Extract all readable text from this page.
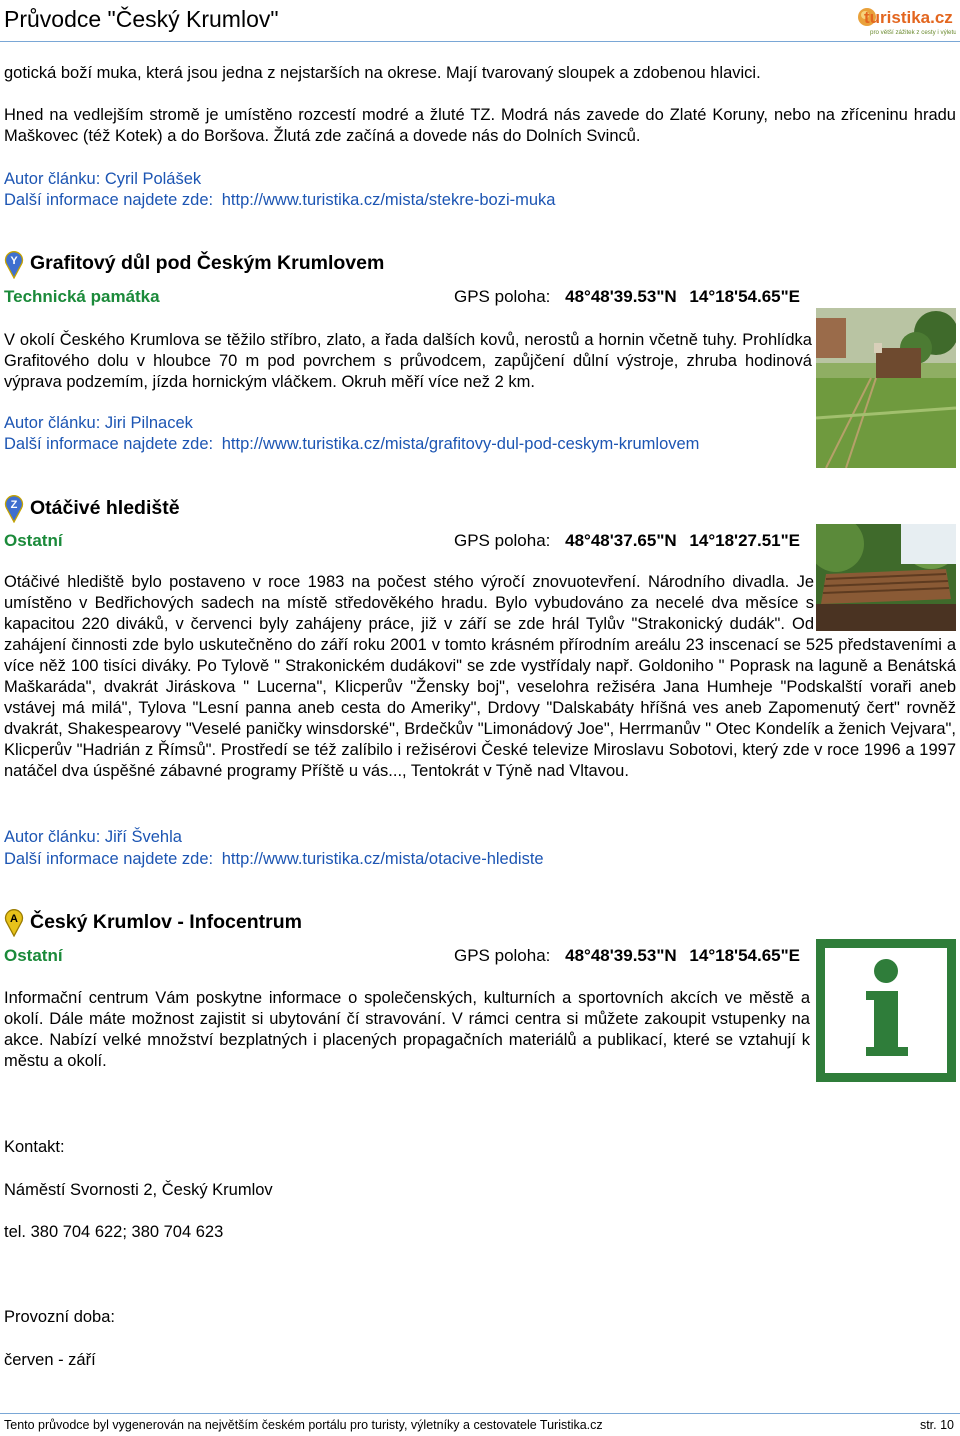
Průvodce "Český Krumlov"	turistika.cz
pro větší zážitek z cesty i výletu
gotická boží muka, která jsou jedna z nejstarších na okrese. Mají tvarovaný sloupek a zdobenou hlavici.
Hned na vedlejším stromě je umístěno rozcestí modré a žluté TZ. Modrá nás zavede do Zlaté Koruny, nebo na zříceninu hradu Maškovec (též Kotek) a do Boršova. Žlutá zde začíná a dovede nás do Dolních Svinců.
Autor článku: Cyril Polášek
Další informace najdete zde: http://www.turistika.cz/mista/stekre-bozi-muka
Y Grafitový důl pod Českým Krumlovem
Technická památka	GPS poloha: 48°48'39.53"N 14°18'54.65"E
V okolí Českého Krumlova se těžilo stříbro, zlato, a řada dalších kovů, nerostů a hornin včetně tuhy. Prohlídka Grafitového dolu v hloubce 70 m pod povrchem s průvodcem, zapůjčení důlní výstroje, zhruba hodinová výprava podzemím, jízda hornickým vláčkem. Okruh měří více než 2 km.
Autor článku: Jiri Pilnacek
Další informace najdete zde: http://www.turistika.cz/mista/grafitovy-dul-pod-ceskym-krumlovem
Z Otáčivé hlediště
Ostatní	GPS poloha: 48°48'37.65"N 14°18'27.51"E
Otáčivé hlediště bylo postaveno v roce 1983 na počest stého výročí znovuotevření. Národního divadla. Je umístěno v Bedřichových sadech na místě středověkého hradu. Bylo vybudováno za necelé dva měsíce s kapacitou 220 diváků, v červenci byly zahájeny práce, již v září se zde hrál Tylův "Strakonický dudák". Od zahájení činnosti zde bylo uskutečněno do září roku 2001 v tomto krásném přírodním areálu 23 inscenací se 525 představeními a více něž 100 tisíci diváky. Po Tylově " Strakonickém dudákovi" se zde vystřídaly např. Goldoniho " Poprask na laguně a Benátská Maškaráda", dvakrát Jiráskova " Lucerna", Klicperův "Žensky boj", veselohra režiséra Jana Humheje "Podskalští voraři aneb vstávej má milá", Tylova "Lesní panna aneb cesta do Ameriky", Drdovy "Dalskabáty hříšná ves aneb Zapomenutý čert" rovněž dvakrát, Shakespearovy "Veselé paničky winsdorské", Brdečkův "Limonádový Joe", Herrmanův " Otec Kondelík a ženich Vejvara", Klicperův "Hadrián z Římsů". Prostředí se též zalíbilo i režisérovi České televize Miroslavu Sobotovi, který zde v roce 1996 a 1997 natáčel dva úspěšné zábavné programy Příště u vás..., Tentokrát v Týně nad Vltavou.
Autor článku: Jiří Švehla
Další informace najdete zde: http://www.turistika.cz/mista/otacive-hlediste
A Český Krumlov - Infocentrum
Ostatní	GPS poloha: 48°48'39.53"N 14°18'54.65"E
Informační centrum Vám poskytne informace o společenských, kulturních a sportovních akcích ve městě a okolí. Dále máte možnost zajistit si ubytování čí stravování. V rámci centra si můžete zakoupit vstupenky na akce. Nabízí velké množství bezplatných i placených propagačních materiálů a publikací, které se vztahují k městu a okolí.
Kontakt:
Náměstí Svornosti 2, Český Krumlov
tel. 380 704 622; 380 704 623
Provozní doba:
červen - září
Tento průvodce byl vygenerován na největším českém portálu pro turisty, výletníky a cestovatele Turistika.cz	str. 10
